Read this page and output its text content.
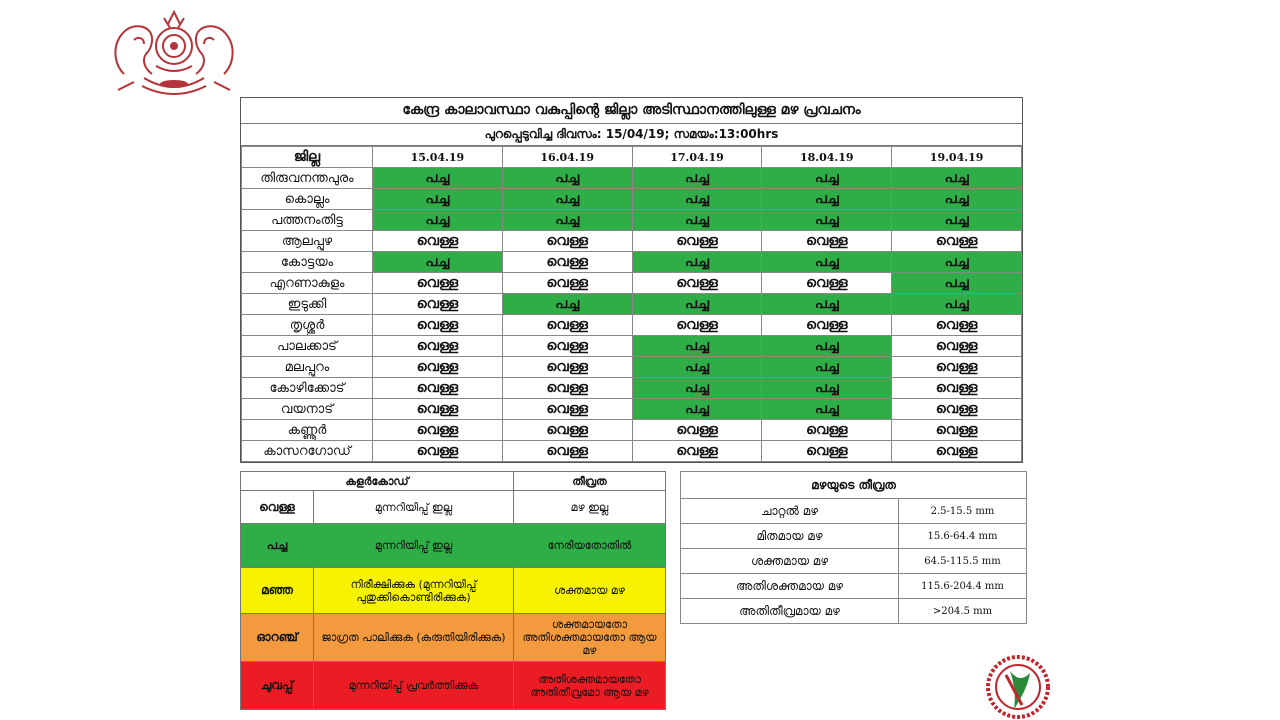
കേന്ദ്ര കാലാവസ്ഥാ വകുപ്പിന്റെ ജില്ലാ അടിസ്ഥാനത്തിലുള്ള മഴ പ്രവചനം
പുറപ്പെടുവിച്ച ദിവസം: 15/04/19; സമയം:13:00hrs
ജില്ല	15.04.19	16.04.19	17.04.19	18.04.19	19.04.19
തിരുവനന്തപുരം	പച്ച	പച്ച	പച്ച	പച്ച	പച്ച
കൊല്ലം	പച്ച	പച്ച	പച്ച	പച്ച	പച്ച
പത്തനംതിട്ട	പച്ച	പച്ച	പച്ച	പച്ച	പച്ച
ആലപ്പുഴ	വെള്ള	വെള്ള	വെള്ള	വെള്ള	വെള്ള
കോട്ടയം	പച്ച	വെള്ള	പച്ച	പച്ച	പച്ച
എറണാകുളം	വെള്ള	വെള്ള	വെള്ള	വെള്ള	പച്ച
ഇടുക്കി	വെള്ള	പച്ച	പച്ച	പച്ച	പച്ച
തൃശ്ശൂർ	വെള്ള	വെള്ള	വെള്ള	വെള്ള	വെള്ള
പാലക്കാട്	വെള്ള	വെള്ള	പച്ച	പച്ച	വെള്ള
മലപ്പുറം	വെള്ള	വെള്ള	പച്ച	പച്ച	വെള്ള
കോഴിക്കോട്	വെള്ള	വെള്ള	പച്ച	പച്ച	വെള്ള
വയനാട്	വെള്ള	വെള്ള	പച്ച	പച്ച	വെള്ള
കണ്ണൂർ	വെള്ള	വെള്ള	വെള്ള	വെള്ള	വെള്ള
കാസറഗോഡ്	വെള്ള	വെള്ള	വെള്ള	വെള്ള	വെള്ള
കളർകോഡ്		തീവ്രത
വെള്ള	മുന്നറിയിപ്പ് ഇല്ല	മഴ ഇല്ല
പച്ച	മുന്നറിയിപ്പ് ഇല്ല	നേരിയതോതിൽ
മഞ്ഞ	നിരീക്ഷിക്കുക (മുന്നറിയിപ്പ് പുതുക്കികൊണ്ടിരിക്കുക)	ശക്തമായ മഴ
ഓറഞ്ച്	ജാഗ്രത പാലിക്കുക (കരുതിയിരിക്കുക)	ശക്തമായതോ അതിശക്തമായതോ ആയ മഴ
ചുവപ്പ്	മുന്നറിയിപ്പ് പ്രവർത്തിക്കുക	അതിശക്തമായതോ അതിതീവ്രമോ ആയ മഴ
മഴയുടെ തീവ്രത	
ചാറ്റൽ മഴ	2.5-15.5 mm
മിതമായ മഴ	15.6-64.4 mm
ശക്തമായ മഴ	64.5-115.5 mm
അതിശക്തമായ മഴ	115.6-204.4 mm
അതിതീവ്രമായ മഴ	>204.5 mm
